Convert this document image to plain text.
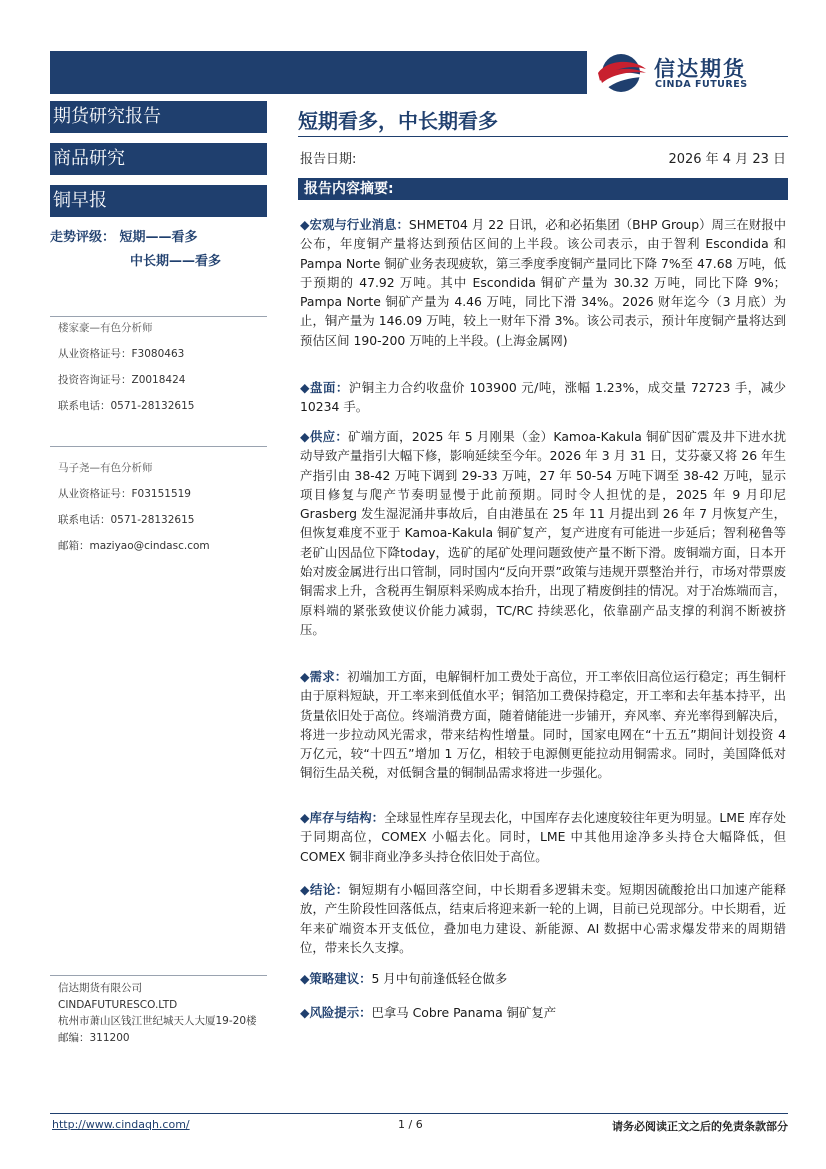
信达期货
CINDA FUTURES
期货研究报告
商品研究
铜早报
走势评级： 短期——看多
中长期——看多
楼家豪—有色分析师
从业资格证号：F3080463
投资咨询证号：Z0018424
联系电话：0571-28132615
马子尧—有色分析师
从业资格证号：F03151519
联系电话：0571-28132615
邮箱：maziyao@cindasc.com
信达期货有限公司
CINDAFUTURESCO.LTD
杭州市萧山区钱江世纪城天人大厦19-20楼
邮编：311200
短期看多，中长期看多
报告日期:	2026 年 4 月 23 日
报告内容摘要:
◆宏观与行业消息：SHMET04 月 22 日讯，必和必拓集团（BHP Group）周三在财报中公布，年度铜产量将达到预估区间的上半段。该公司表示，由于智利 Escondida 和 Pampa Norte 铜矿业务表现疲软，第三季度季度铜产量同比下降 7%至 47.68 万吨，低于预期的 47.92 万吨。其中 Escondida 铜矿产量为 30.32 万吨，同比下降 9%；Pampa Norte 铜矿产量为 4.46 万吨，同比下滑 34%。2026 财年迄今（3 月底）为止，铜产量为 146.09 万吨，较上一财年下滑 3%。该公司表示，预计年度铜产量将达到预估区间 190-200 万吨的上半段。(上海金属网)
◆盘面：沪铜主力合约收盘价 103900 元/吨，涨幅 1.23%，成交量 72723 手，减少 10234 手。
◆供应：矿端方面，2025 年 5 月刚果（金）Kamoa-Kakula 铜矿因矿震及井下进水扰动导致产量指引大幅下修，影响延续至今年。2026 年 3 月 31 日，艾芬豪又将 26 年生产指引由 38-42 万吨下调到 29-33 万吨，27 年 50-54 万吨下调至 38-42 万吨，显示项目修复与爬产节奏明显慢于此前预期。同时令人担忧的是，2025 年 9 月印尼 Grasberg 发生湿泥涌井事故后，自由港虽在 25 年 11 月提出到 26 年 7 月恢复产生，但恢复难度不亚于 Kamoa-Kakula 铜矿复产，复产进度有可能进一步延后；智利秘鲁等老矿山因品位下降today，选矿的尾矿处理问题致使产量不断下滑。废铜端方面，日本开始对废金属进行出口管制，同时国内“反向开票”政策与违规开票整治并行，市场对带票废铜需求上升，含税再生铜原料采购成本抬升，出现了精废倒挂的情况。对于冶炼端而言，原料端的紧张致使议价能力减弱，TC/RC 持续恶化，依靠副产品支撑的利润不断被挤压。
◆需求：初端加工方面，电解铜杆加工费处于高位，开工率依旧高位运行稳定；再生铜杆由于原料短缺，开工率来到低值水平；铜箔加工费保持稳定，开工率和去年基本持平，出货量依旧处于高位。终端消费方面，随着储能进一步铺开，弃风率、弃光率得到解决后，将进一步拉动风光需求，带来结构性增量。同时，国家电网在“十五五”期间计划投资 4 万亿元，较“十四五”增加 1 万亿，相较于电源侧更能拉动用铜需求。同时，美国降低对铜衍生品关税，对低铜含量的铜制品需求将进一步强化。
◆库存与结构：全球显性库存呈现去化，中国库存去化速度较往年更为明显。LME 库存处于同期高位，COMEX 小幅去化。同时，LME 中其他用途净多头持仓大幅降低，但 COMEX 铜非商业净多头持仓依旧处于高位。
◆结论：铜短期有小幅回落空间，中长期看多逻辑未变。短期因硫酸抢出口加速产能释放，产生阶段性回落低点，结束后将迎来新一轮的上调，目前已兑现部分。中长期看，近年来矿端资本开支低位，叠加电力建设、新能源、AI 数据中心需求爆发带来的周期错位，带来长久支撑。
◆策略建议：5 月中旬前逢低轻仓做多
◆风险提示：巴拿马 Cobre Panama 铜矿复产
http://www.cindaqh.com/	1 / 6	请务必阅读正文之后的免责条款部分
